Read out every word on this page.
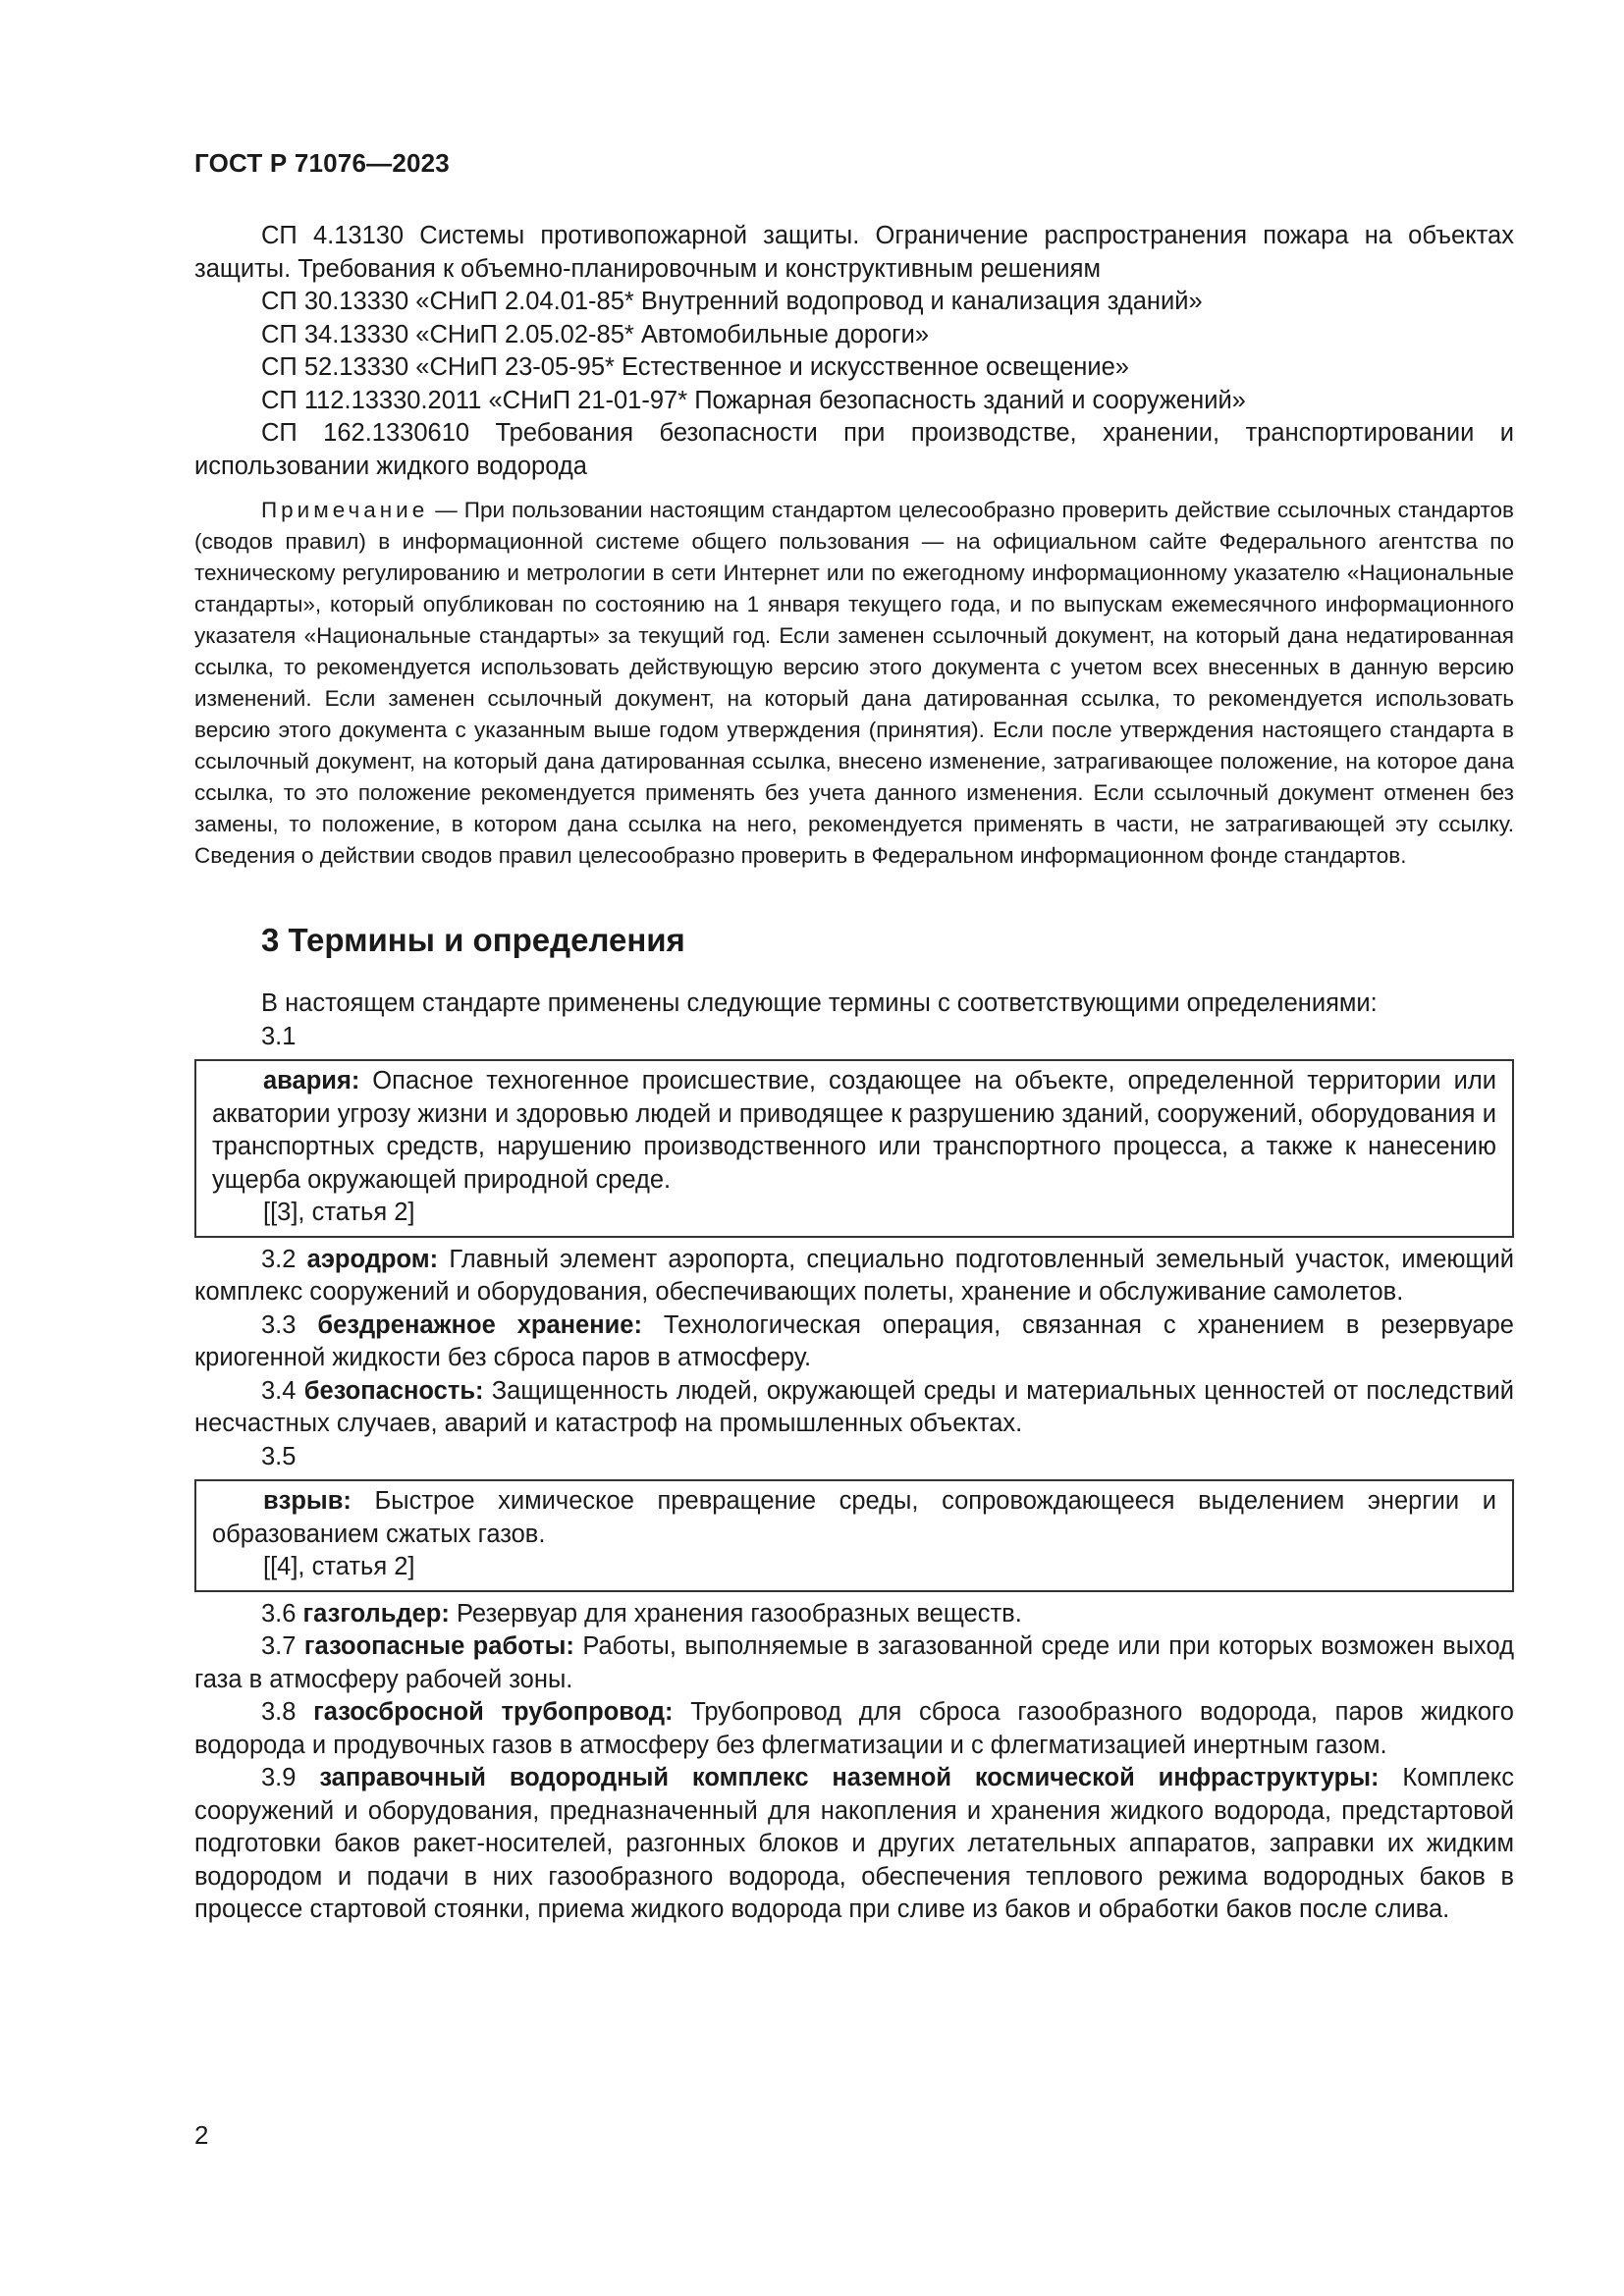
ГОСТ Р 71076—2023

СП 4.13130 Системы противопожарной защиты. Ограничение распространения пожара на объектах защиты. Требования к объемно-планировочным и конструктивным решениям

СП 30.13330 «СНиП 2.04.01-85* Внутренний водопровод и канализация зданий»

СП 34.13330 «СНиП 2.05.02-85* Автомобильные дороги»

СП 52.13330 «СНиП 23-05-95* Естественное и искусственное освещение»

СП 112.13330.2011 «СНиП 21-01-97* Пожарная безопасность зданий и сооружений»

СП 162.1330610 Требования безопасности при производстве, хранении, транспортировании и использовании жидкого водорода

Примечание — При пользовании настоящим стандартом целесообразно проверить действие ссылочных стандартов (сводов правил) в информационной системе общего пользования — на официальном сайте Федерального агентства по техническому регулированию и метрологии в сети Интернет или по ежегодному информационному указателю «Национальные стандарты», который опубликован по состоянию на 1 января текущего года, и по выпускам ежемесячного информационного указателя «Национальные стандарты» за текущий год. Если заменен ссылочный документ, на который дана недатированная ссылка, то рекомендуется использовать действующую версию этого документа с учетом всех внесенных в данную версию изменений. Если заменен ссылочный документ, на который дана датированная ссылка, то рекомендуется использовать версию этого документа с указанным выше годом утверждения (принятия). Если после утверждения настоящего стандарта в ссылочный документ, на который дана датированная ссылка, внесено изменение, затрагивающее положение, на которое дана ссылка, то это положение рекомендуется применять без учета данного изменения. Если ссылочный документ отменен без замены, то положение, в котором дана ссылка на него, рекомендуется применять в части, не затрагивающей эту ссылку. Сведения о действии сводов правил целесообразно проверить в Федеральном информационном фонде стандартов.

3 Термины и определения

В настоящем стандарте применены следующие термины с соответствующими определениями:

3.1

авария: Опасное техногенное происшествие, создающее на объекте, определенной территории или акватории угрозу жизни и здоровью людей и приводящее к разрушению зданий, сооружений, оборудования и транспортных средств, нарушению производственного или транспортного процесса, а также к нанесению ущерба окружающей природной среде.

[[3], статья 2]

3.2 аэродром: Главный элемент аэропорта, специально подготовленный земельный участок, имеющий комплекс сооружений и оборудования, обеспечивающих полеты, хранение и обслуживание самолетов.

3.3 бездренажное хранение: Технологическая операция, связанная с хранением в резервуаре криогенной жидкости без сброса паров в атмосферу.

3.4 безопасность: Защищенность людей, окружающей среды и материальных ценностей от последствий несчастных случаев, аварий и катастроф на промышленных объектах.

3.5

взрыв: Быстрое химическое превращение среды, сопровождающееся выделением энергии и образованием сжатых газов.

[[4], статья 2]

3.6 газгольдер: Резервуар для хранения газообразных веществ.

3.7 газоопасные работы: Работы, выполняемые в загазованной среде или при которых возможен выход газа в атмосферу рабочей зоны.

3.8 газосбросной трубопровод: Трубопровод для сброса газообразного водорода, паров жидкого водорода и продувочных газов в атмосферу без флегматизации и с флегматизацией инертным газом.

3.9 заправочный водородный комплекс наземной космической инфраструктуры: Комплекс сооружений и оборудования, предназначенный для накопления и хранения жидкого водорода, предстартовой подготовки баков ракет-носителей, разгонных блоков и других летательных аппаратов, заправки их жидким водородом и подачи в них газообразного водорода, обеспечения теплового режима водородных баков в процессе стартовой стоянки, приема жидкого водорода при сливе из баков и обработки баков после слива.

2
